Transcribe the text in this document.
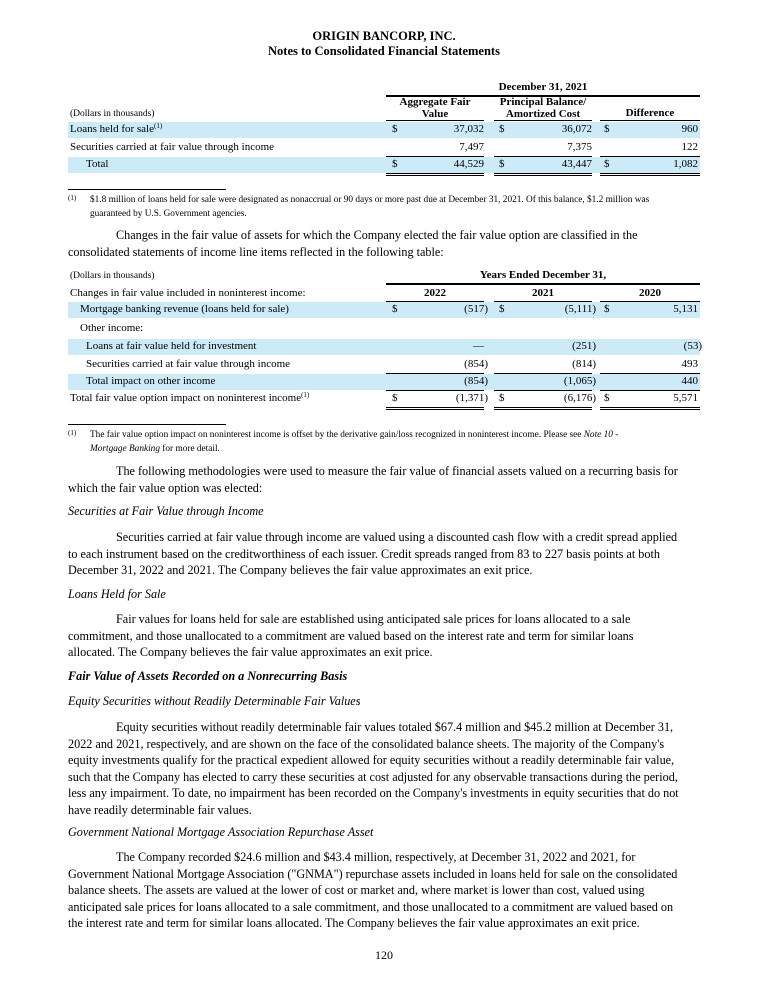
ORIGIN BANCORP, INC.
Notes to Consolidated Financial Statements
December 31, 2021
Aggregate Fair
Value
Principal Balance/
Amortized Cost	Difference
(Dollars in thousands)
Loans held for sale$^{(1)}$	$	37,032 $	36,072 $	960
Securities carried at fair value through income	7,497	7,375	122
Total	$	44,529 $	43,447 $	1,082
(1) $1.8 million of loans held for sale were designated as nonaccrual or 90 days or more past due at December 31, 2021. Of this balance, $1.2 million was
guaranteed by U.S. Government agencies.
Changes in the fair value of assets for which the Company elected the fair value option are classified in the
consolidated statements of income line items reflected in the following table:
(Dollars in thousands)	Years Ended December 31,
Changes in fair value included in noninterest income:	2022	2021	2020
Mortgage banking revenue (loans held for sale)	$	(517) $	(5,111) $	5,131
Other income:
Loans at fair value held for investment	—	(251)	(53)
Securities carried at fair value through income	(854)	(814)	493
Total impact on other income	(854)	(1,065)	440
Total fair value option impact on noninterest income$^{(1)}$	$	(1,371) $	(6,176) $	5,571
(1) The fair value option impact on noninterest income is offset by the derivative gain/loss recognized in noninterest income. Please see Note 10 -
Mortgage Banking for more detail.
The following methodologies were used to measure the fair value of financial assets valued on a recurring basis for
which the fair value option was elected:
Securities at Fair Value through Income
Securities carried at fair value through income are valued using a discounted cash flow with a credit spread applied
to each instrument based on the creditworthiness of each issuer. Credit spreads ranged from 83 to 227 basis points at both
December 31, 2022 and 2021. The Company believes the fair value approximates an exit price.
Loans Held for Sale
Fair values for loans held for sale are established using anticipated sale prices for loans allocated to a sale
commitment, and those unallocated to a commitment are valued based on the interest rate and term for similar loans
allocated. The Company believes the fair value approximates an exit price.
Fair Value of Assets Recorded on a Nonrecurring Basis
Equity Securities without Readily Determinable Fair Values
Equity securities without readily determinable fair values totaled $67.4 million and $45.2 million at December 31,
2022 and 2021, respectively, and are shown on the face of the consolidated balance sheets. The majority of the Company's
equity investments qualify for the practical expedient allowed for equity securities without a readily determinable fair value,
such that the Company has elected to carry these securities at cost adjusted for any observable transactions during the period,
less any impairment. To date, no impairment has been recorded on the Company's investments in equity securities that do not
have readily determinable fair values.
Government National Mortgage Association Repurchase Asset
The Company recorded $24.6 million and $43.4 million, respectively, at December 31, 2022 and 2021, for
Government National Mortgage Association ("GNMA") repurchase assets included in loans held for sale on the consolidated
balance sheets. The assets are valued at the lower of cost or market and, where market is lower than cost, valued using
anticipated sale prices for loans allocated to a sale commitment, and those unallocated to a commitment are valued based on
the interest rate and term for similar loans allocated. The Company believes the fair value approximates an exit price.
120
